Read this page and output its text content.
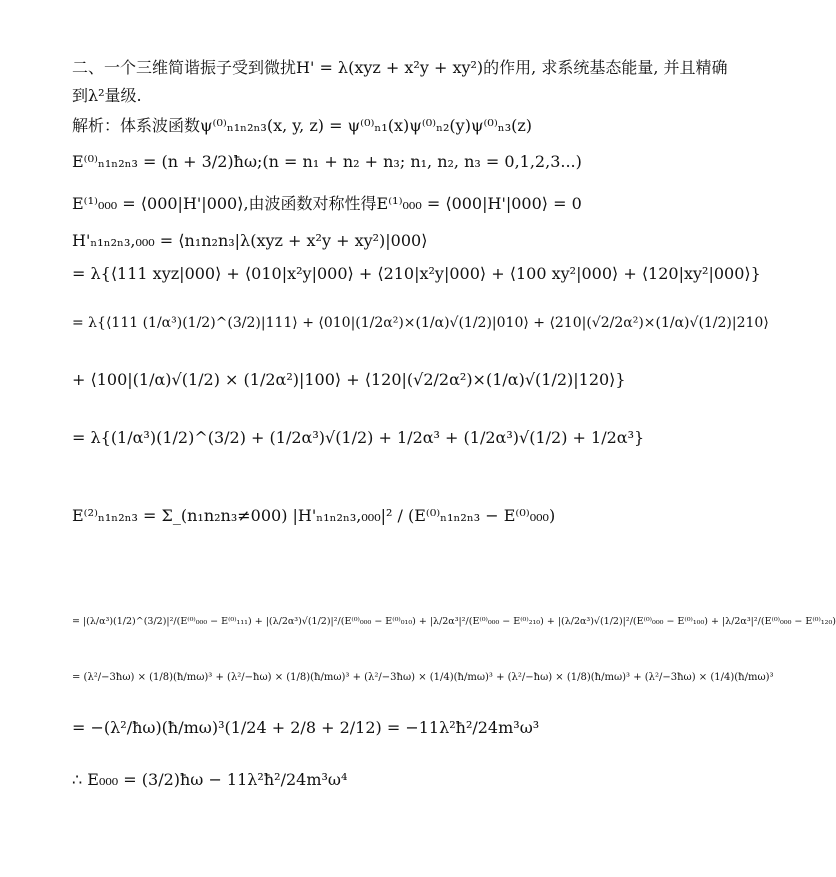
二、一个三维简谐振子受到微扰H' = λ(xyz + x²y + xy²)的作用, 求系统基态能量, 并且精确
到λ²量级.
解析：体系波函数ψ⁽⁰⁾ₙ₁ₙ₂ₙ₃(x, y, z) = ψ⁽⁰⁾ₙ₁(x)ψ⁽⁰⁾ₙ₂(y)ψ⁽⁰⁾ₙ₃(z)
E⁽⁰⁾ₙ₁ₙ₂ₙ₃ = (n + 3/2)ħω;(n = n₁ + n₂ + n₃; n₁, n₂, n₃ = 0,1,2,3...)
E⁽¹⁾₀₀₀ = ⟨000|H'|000⟩,由波函数对称性得E⁽¹⁾₀₀₀ = ⟨000|H'|000⟩ = 0
H'ₙ₁ₙ₂ₙ₃,₀₀₀ = ⟨n₁n₂n₃|λ(xyz + x²y + xy²)|000⟩
= λ{⟨111 xyz|000⟩ + ⟨010|x²y|000⟩ + ⟨210|x²y|000⟩ + ⟨100 xy²|000⟩ + ⟨120|xy²|000⟩}
= λ{⟨111 (1/α³)(1/2)^(3/2)|111⟩ + ⟨010|(1/2α²)×(1/α)√(1/2)|010⟩ + ⟨210|(√2/2α²)×(1/α)√(1/2)|210⟩
+ ⟨100|(1/α)√(1/2) × (1/2α²)|100⟩ + ⟨120|(√2/2α²)×(1/α)√(1/2)|120⟩}
= λ{(1/α³)(1/2)^(3/2) + (1/2α³)√(1/2) + 1/2α³ + (1/2α³)√(1/2) + 1/2α³}
E⁽²⁾ₙ₁ₙ₂ₙ₃ = Σ_(n₁n₂n₃≠000) |H'ₙ₁ₙ₂ₙ₃,₀₀₀|² / (E⁽⁰⁾ₙ₁ₙ₂ₙ₃ − E⁽⁰⁾₀₀₀)
= |(λ/α³)(1/2)^(3/2)|²/(E⁽⁰⁾₀₀₀ − E⁽⁰⁾₁₁₁) + |(λ/2α³)√(1/2)|²/(E⁽⁰⁾₀₀₀ − E⁽⁰⁾₀₁₀) + |λ/2α³|²/(E⁽⁰⁾₀₀₀ − E⁽⁰⁾₂₁₀) + |(λ/2α³)√(1/2)|²/(E⁽⁰⁾₀₀₀ − E⁽⁰⁾₁₀₀) + |λ/2α³|²/(E⁽⁰⁾₀₀₀ − E⁽⁰⁾₁₂₀)
= (λ²/−3ħω) × (1/8)(ħ/mω)³ + (λ²/−ħω) × (1/8)(ħ/mω)³ + (λ²/−3ħω) × (1/4)(ħ/mω)³ + (λ²/−ħω) × (1/8)(ħ/mω)³ + (λ²/−3ħω) × (1/4)(ħ/mω)³
= −(λ²/ħω)(ħ/mω)³(1/24 + 2/8 + 2/12) = −11λ²ħ²/24m³ω³
∴ E₀₀₀ = (3/2)ħω − 11λ²ħ²/24m³ω⁴
